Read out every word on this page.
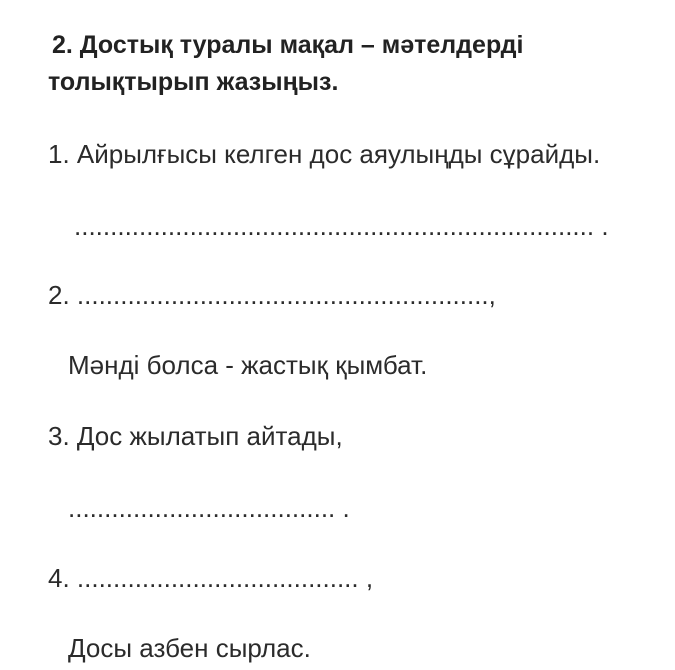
2. Достық туралы мақал – мәтелдерді
толықтырып жазыңыз.
1. Айрылғысы келген дос аяулыңды сұрайды.
........................................................................ .
2. .........................................................,
Мәнді болса - жастық қымбат.
3. Дос жылатып айтады,
..................................... .
4. ....................................... ,
Досы азбен сырлас.
